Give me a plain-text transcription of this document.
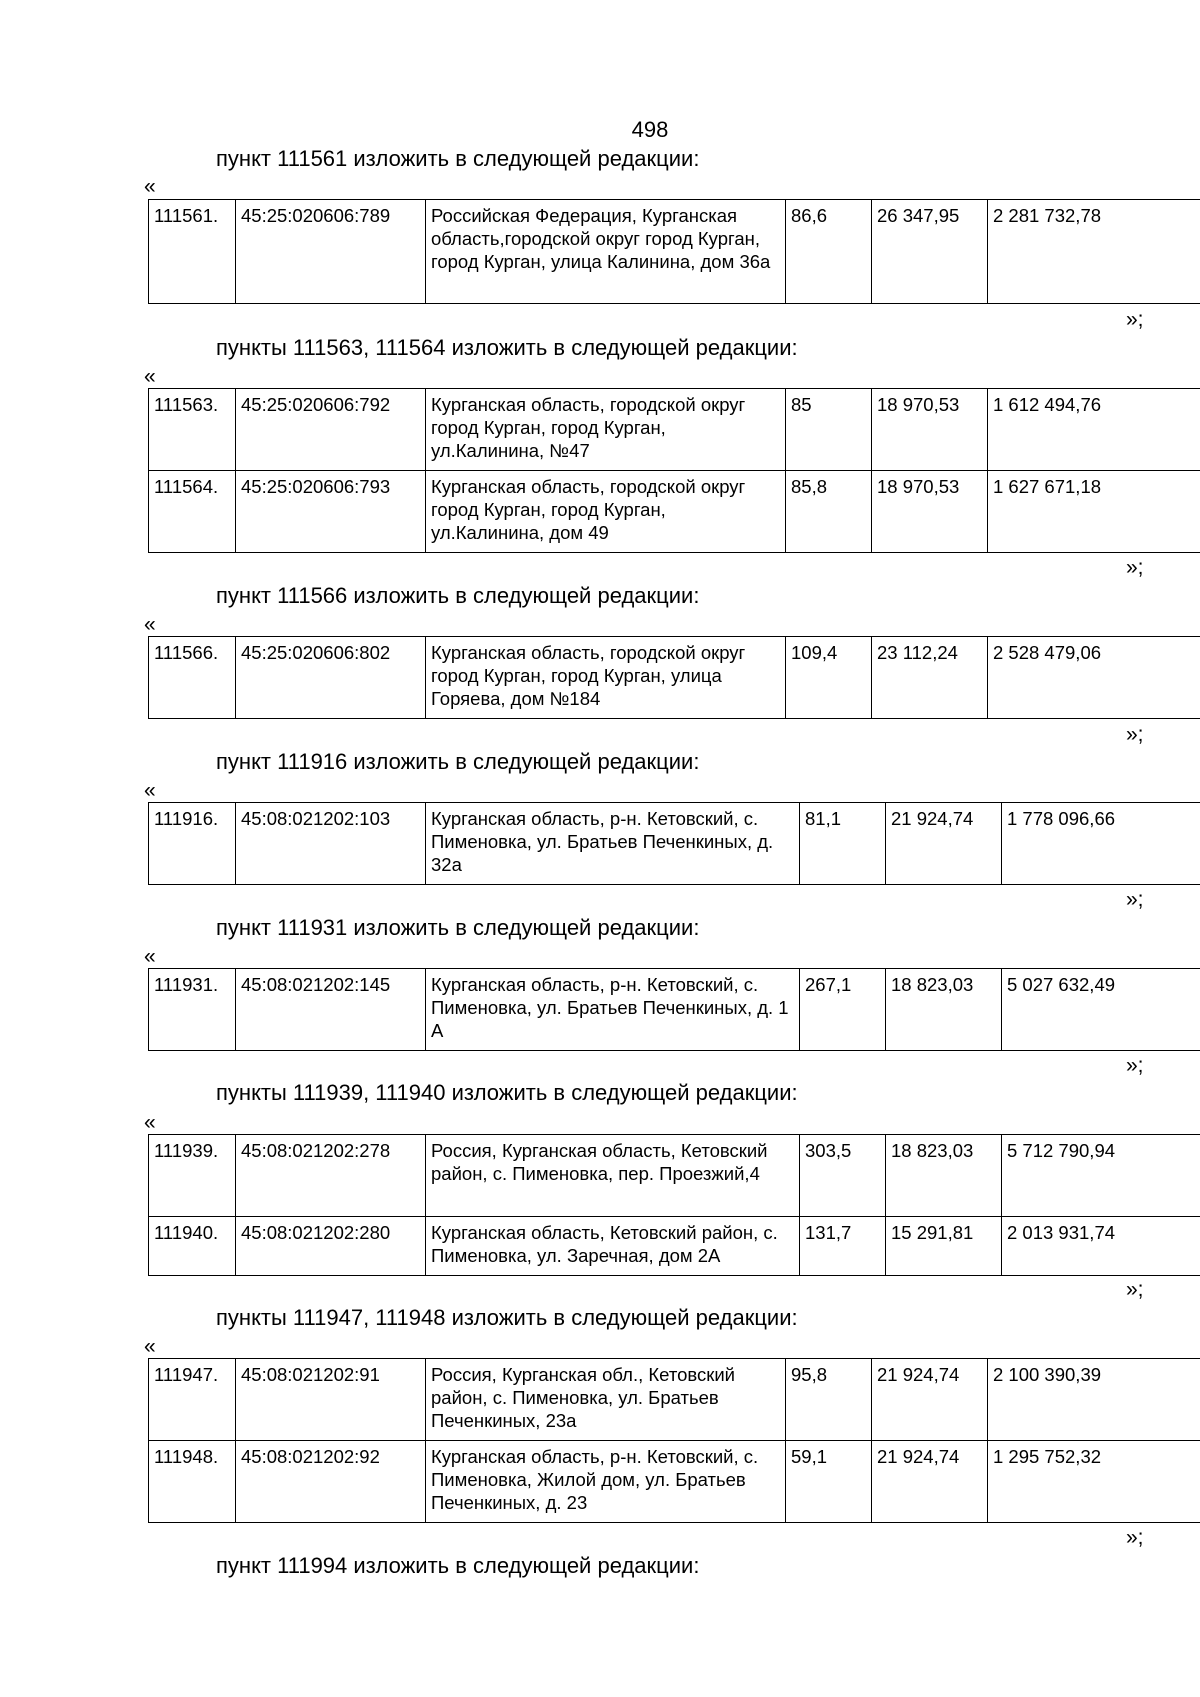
498
пункт 111561 изложить в следующей редакции:
«
111561.	45:25:020606:789	Российская Федерация, Курганская область,городской округ город Курган, город Курган, улица Калинина, дом 36а	86,6	26 347,95	2 281 732,78
»;
пункты 111563, 111564 изложить в следующей редакции:
«
111563.	45:25:020606:792	Курганская область, городской округ город Курган, город Курган, ул.Калинина, №47	85	18 970,53	1 612 494,76
111564.	45:25:020606:793	Курганская область, городской округ город Курган, город Курган, ул.Калинина, дом 49	85,8	18 970,53	1 627 671,18
»;
пункт 111566 изложить в следующей редакции:
«
111566.	45:25:020606:802	Курганская область, городской округ город Курган, город Курган, улица Горяева, дом №184	109,4	23 112,24	2 528 479,06
»;
пункт 111916 изложить в следующей редакции:
«
111916.	45:08:021202:103	Курганская область, р-н. Кетовский, с. Пименовка, ул. Братьев Печенкиных, д. 32а	81,1	21 924,74	1 778 096,66
»;
пункт 111931 изложить в следующей редакции:
«
111931.	45:08:021202:145	Курганская область, р-н. Кетовский, с. Пименовка, ул. Братьев Печенкиных, д. 1 А	267,1	18 823,03	5 027 632,49
»;
пункты 111939, 111940 изложить в следующей редакции:
«
111939.	45:08:021202:278	Россия, Курганская область, Кетовский район, с. Пименовка, пер. Проезжий,4	303,5	18 823,03	5 712 790,94
111940.	45:08:021202:280	Курганская область, Кетовский район, с. Пименовка, ул. Заречная, дом 2А	131,7	15 291,81	2 013 931,74
»;
пункты 111947, 111948 изложить в следующей редакции:
«
111947.	45:08:021202:91	Россия, Курганская обл., Кетовский район, с. Пименовка, ул. Братьев Печенкиных, 23а	95,8	21 924,74	2 100 390,39
111948.	45:08:021202:92	Курганская область, р-н. Кетовский, с. Пименовка, Жилой дом, ул. Братьев Печенкиных, д. 23	59,1	21 924,74	1 295 752,32
»;
пункт 111994 изложить в следующей редакции:
